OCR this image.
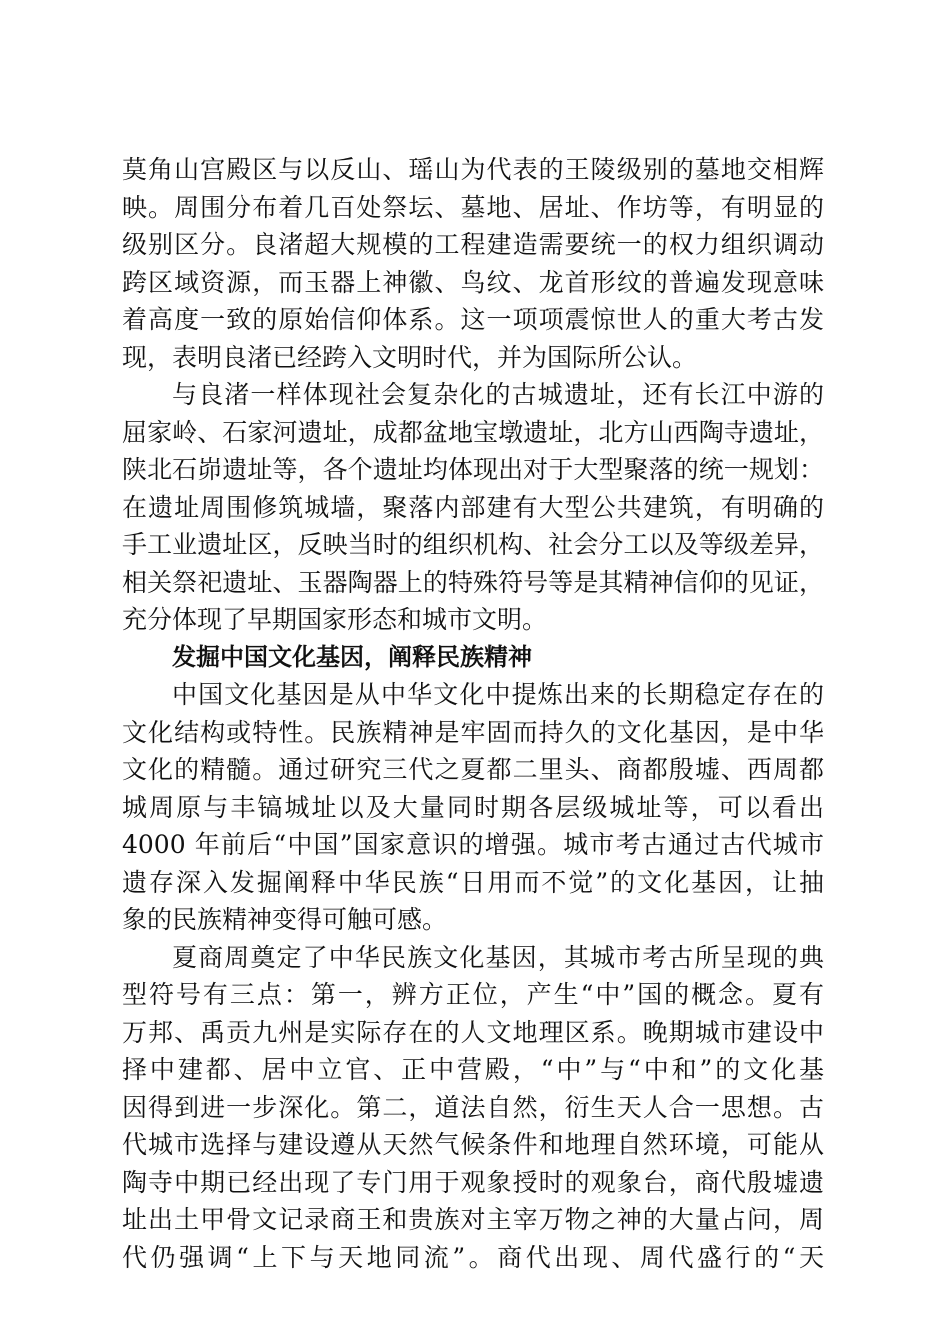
莫角山宫殿区与以反山、瑶山为代表的王陵级别的墓地交相辉
映。周围分布着几百处祭坛、墓地、居址、作坊等，有明显的
级别区分。良渚超大规模的工程建造需要统一的权力组织调动
跨区域资源，而玉器上神徽、鸟纹、龙首形纹的普遍发现意味
着高度一致的原始信仰体系。这一项项震惊世人的重大考古发
现，表明良渚已经跨入文明时代，并为国际所公认。
与良渚一样体现社会复杂化的古城遗址，还有长江中游的
屈家岭、石家河遗址，成都盆地宝墩遗址，北方山西陶寺遗址，
陕北石峁遗址等，各个遗址均体现出对于大型聚落的统一规划：
在遗址周围修筑城墙，聚落内部建有大型公共建筑，有明确的
手工业遗址区，反映当时的组织机构、社会分工以及等级差异，
相关祭祀遗址、玉器陶器上的特殊符号等是其精神信仰的见证，
充分体现了早期国家形态和城市文明。
发掘中国文化基因，阐释民族精神
中国文化基因是从中华文化中提炼出来的长期稳定存在的
文化结构或特性。民族精神是牢固而持久的文化基因，是中华
文化的精髓。通过研究三代之夏都二里头、商都殷墟、西周都
城周原与丰镐城址以及大量同时期各层级城址等，可以看出
4000 年前后“中国”国家意识的增强。城市考古通过古代城市
遗存深入发掘阐释中华民族“日用而不觉”的文化基因，让抽
象的民族精神变得可触可感。
夏商周奠定了中华民族文化基因，其城市考古所呈现的典
型符号有三点：第一，辨方正位，产生“中”国的概念。夏有
万邦、禹贡九州是实际存在的人文地理区系。晚期城市建设中
择中建都、居中立官、正中营殿，“中”与“中和”的文化基
因得到进一步深化。第二，道法自然，衍生天人合一思想。古
代城市选择与建设遵从天然气候条件和地理自然环境，可能从
陶寺中期已经出现了专门用于观象授时的观象台，商代殷墟遗
址出土甲骨文记录商王和贵族对主宰万物之神的大量占问，周
代仍强调“上下与天地同流”。商代出现、周代盛行的“天
